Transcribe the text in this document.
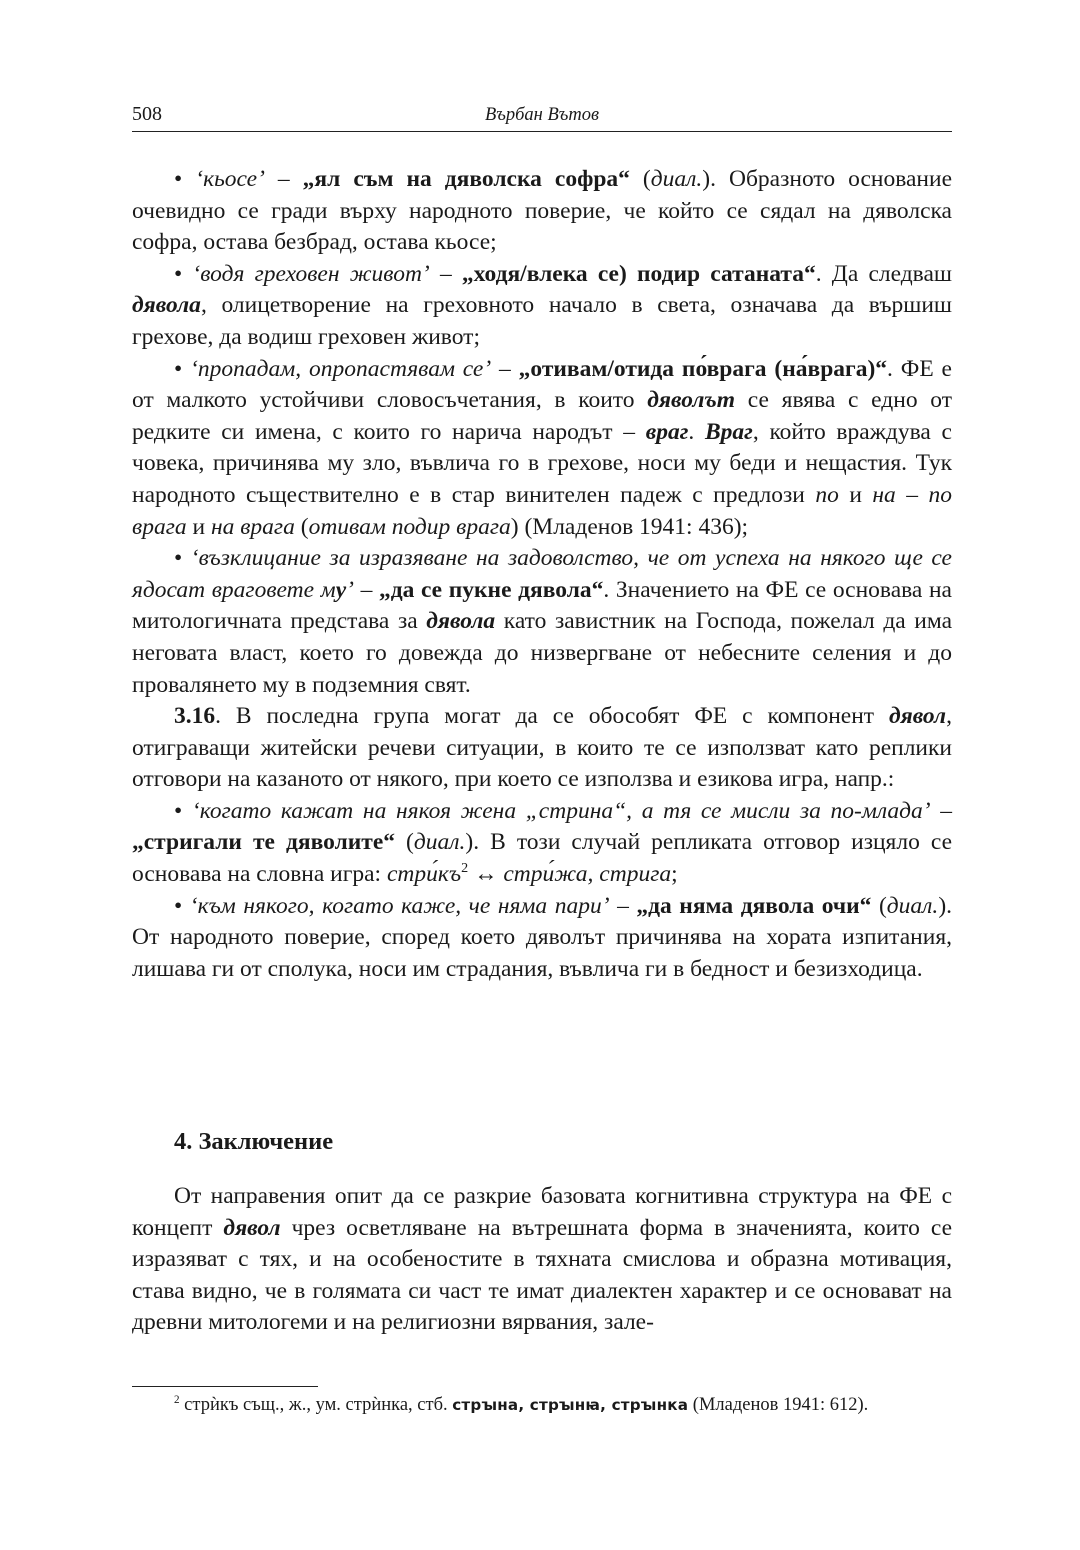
508	Върбан Вътов

• ‘кьосе’ – „ял съм на дяволска софра“ (диал.). Образното основание очевидно се гради върху народното поверие, че който се сядал на дяволска софра, остава безбрад, остава кьосе;

• ‘водя греховен живот’ – „ходя/влека се) подир сатаната“. Да следваш дявола, олицетворение на греховното начало в света, означава да вършиш грехове, да водиш греховен живот;

• ‘пропадам, опропастявам се’ – „отивам/отида по́врага (на́врага)“. ФЕ е от малкото устойчиви словосъчетания, в които дяволът се явява с едно от редките си имена, с които го нарича народът – враг. Враг, който враждува с човека, причинява му зло, въвлича го в грехове, носи му беди и нещастия. Тук народното съществително е в стар винителен падеж с предлози по и на – по врага и на врага (отивам подир врага) (Младенов 1941: 436);

• ‘възклицание за изразяване на задоволство, че от успеха на някого ще се ядосат враговете му’ – „да се пукне дявола“. Значението на ФЕ се основава на митологичната представа за дявола като завистник на Господа, пожелал да има неговата власт, което го довежда до низвергване от небесните селения и до провалянето му в подземния свят.

3.16. В последна група могат да се обособят ФЕ с компонент дявол, отиграващи житейски речеви ситуации, в които те се използват като реплики отговори на казаното от някого, при което се използва и езикова игра, напр.:

• ‘когато кажат на някоя жена „стрина“, а тя се мисли за по-млада’ – „стригали те дяволите“ (диал.). В този случай репликата отговор изцяло се основава на словна игра: $стри́къ^2$ ↔ стри́жа, стрига;

• ‘към някого, когато каже, че няма пари’ – „да няма дявола очи“ (диал.). От народното поверие, според което дяволът причинява на хората изпитания, лишава ги от сполука, носи им страдания, въвлича ги в бедност и безизходица.

4. Заключение

От направения опит да се разкрие базовата когнитивна структура на ФЕ с концепт дявол чрез осветляване на вътрешната форма в значенията, които се изразяват с тях, и на особеностите в тяхната смислова и образна мотивация, става видно, че в голямата си част те имат диалектен характер и се основават на древни митологеми и на религиозни вярвания, зале-

$^2$ стрѝкъ същ., ж., ум. стрѝнка, стб. стрꙑна, стрꙑнꙗ, стрꙑнка (Младенов 1941: 612).
